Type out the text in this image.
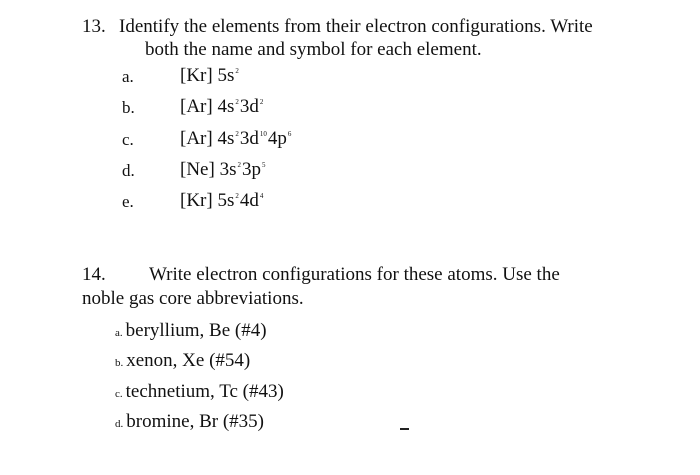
13. Identify the elements from their electron configurations. Write
both the name and symbol for each element.
a. [Kr] $5s^2$
b. [Ar] $4s^23d^2$
c. [Ar] $4s^23d^{10}4p^6$
d. [Ne] $3s^23p^5$
e. [Kr] $5s^24d^4$
14. Write electron configurations for these atoms. Use the
noble gas core abbreviations.
a. beryllium, Be (#4)
b. xenon, Xe (#54)
c. technetium, Tc (#43)
d. bromine, Br (#35)
